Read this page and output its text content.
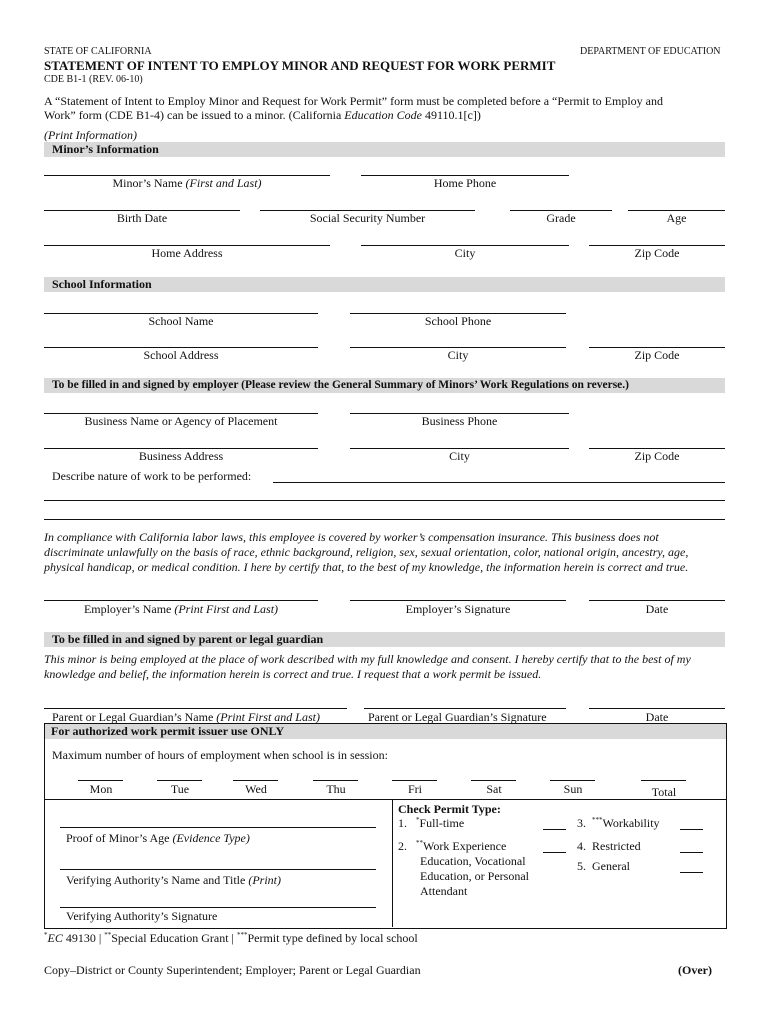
STATE OF CALIFORNIA	DEPARTMENT OF EDUCATION
STATEMENT OF INTENT TO EMPLOY MINOR AND REQUEST FOR WORK PERMIT
CDE B1-1 (REV. 06-10)
A “Statement of Intent to Employ Minor and Request for Work Permit” form must be completed before a “Permit to Employ and
Work” form (CDE B1-4) can be issued to a minor. (California Education Code 49110.1[c])
(Print Information)
Minor’s Information
Minor’s Name (First and Last)	Home Phone
Birth Date	Social Security Number	Grade	Age
Home Address	City	Zip Code
School Information
School Name	School Phone
School Address	City	Zip Code
To be filled in and signed by employer (Please review the General Summary of Minors’ Work Regulations on reverse.)
Business Name or Agency of Placement	Business Phone
Business Address	City	Zip Code
Describe nature of work to be performed:
In compliance with California labor laws, this employee is covered by worker’s compensation insurance. This business does not
discriminate unlawfully on the basis of race, ethnic background, religion, sex, sexual orientation, color, national origin, ancestry, age,
physical handicap, or medical condition. I here by certify that, to the best of my knowledge, the information herein is correct and true.
Employer’s Name (Print First and Last)	Employer’s Signature	Date
To be filled in and signed by parent or legal guardian
This minor is being employed at the place of work described with my full knowledge and consent. I hereby certify that to the best of my
knowledge and belief, the information herein is correct and true. I request that a work permit be issued.
Parent or Legal Guardian’s Name (Print First and Last)	Parent or Legal Guardian’s Signature	Date
For authorized work permit issuer use ONLY
Maximum number of hours of employment when school is in session:
Mon	Tue	Wed	Thu	Fri	Sat	Sun	Total
Proof of Minor’s Age (Evidence Type)
Verifying Authority’s Name and Title (Print)
Verifying Authority’s Signature
Check Permit Type:
1. *Full-time
2. **Work Experience
Education, Vocational
Education, or Personal
Attendant
3. ***Workability
4. Restricted
5. General
*EC 49130 | **Special Education Grant | ***Permit type defined by local school
Copy–District or County Superintendent; Employer; Parent or Legal Guardian	(Over)
